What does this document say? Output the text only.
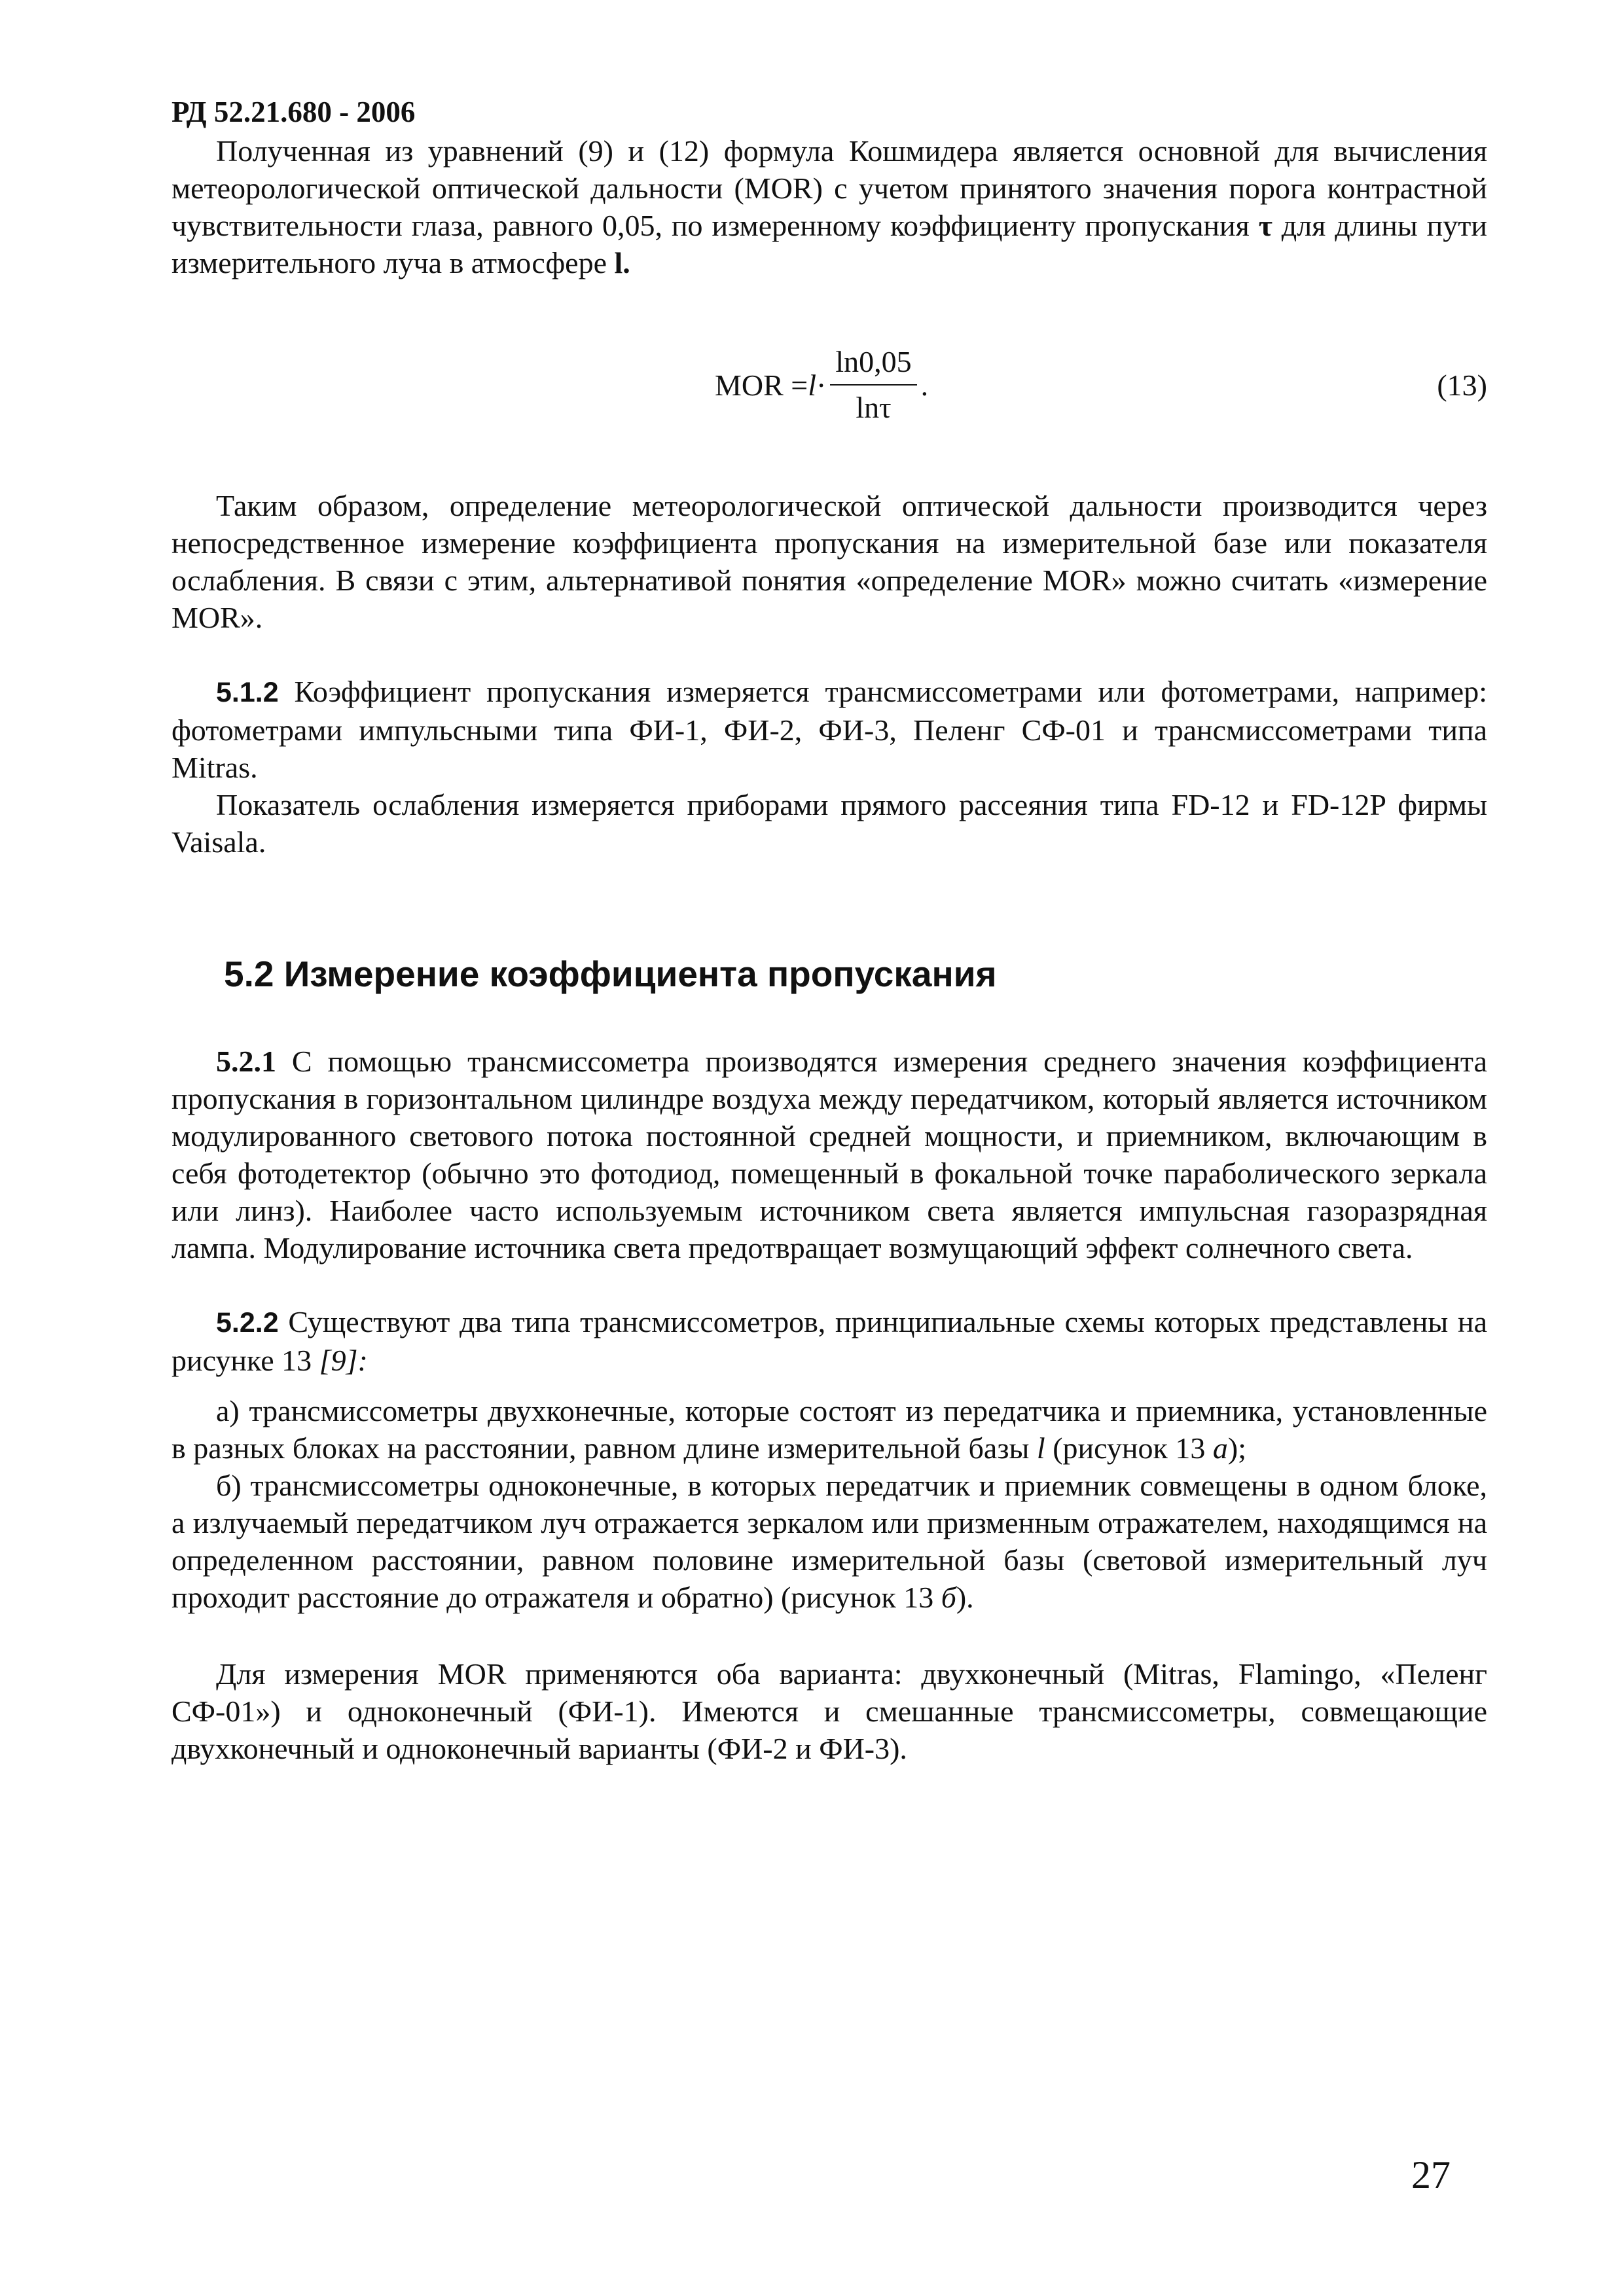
РД 52.21.680 - 2006

Полученная из уравнений (9) и (12) формула Кошмидера является основной для вычисления метеорологической оптической дальности (MOR) с учетом принятого значения порога контрастной чувствительности глаза, равного 0,05, по измеренному коэффициенту пропускания τ для длины пути измерительного луча в атмосфере l.

MOR = $l \cdot \frac{\ln 0,05}{\ln\tau}$ .	(13)

Таким образом, определение метеорологической оптической дальности производится через непосредственное измерение коэффициента пропускания на измерительной базе или показателя ослабления. В связи с этим, альтернативой понятия «определение MOR» можно считать «измерение MOR».

5.1.2 Коэффициент пропускания измеряется трансмиссометрами или фотометрами, например: фотометрами импульсными типа ФИ-1, ФИ-2, ФИ-3, Пеленг СФ-01 и трансмиссометрами типа Mitras.

Показатель ослабления измеряется приборами прямого рассеяния типа FD-12 и FD-12P фирмы Vaisala.

5.2 Измерение коэффициента пропускания

5.2.1 С помощью трансмиссометра производятся измерения среднего значения коэффициента пропускания в горизонтальном цилиндре воздуха между передатчиком, который является источником модулированного светового потока постоянной средней мощности, и приемником, включающим в себя фотодетектор (обычно это фотодиод, помещенный в фокальной точке параболического зеркала или линз). Наиболее часто используемым источником света является импульсная газоразрядная лампа. Модулирование источника света предотвращает возмущающий эффект солнечного света.

5.2.2 Существуют два типа трансмиссометров, принципиальные схемы которых представлены на рисунке 13 [9]:

а) трансмиссометры двухконечные, которые состоят из передатчика и приемника, установленные в разных блоках на расстоянии, равном длине измерительной базы l (рисунок 13 а);

б) трансмиссометры одноконечные, в которых передатчик и приемник совмещены в одном блоке, а излучаемый передатчиком луч отражается зеркалом или призменным отражателем, находящимся на определенном расстоянии, равном половине измерительной базы (световой измерительный луч проходит расстояние до отражателя и обратно) (рисунок 13 б).

Для измерения MOR применяются оба варианта: двухконечный (Mitras, Flamingo, «Пеленг СФ-01») и одноконечный (ФИ-1). Имеются и смешанные трансмиссометры, совмещающие двухконечный и одноконечный варианты (ФИ-2 и ФИ-3).

27
